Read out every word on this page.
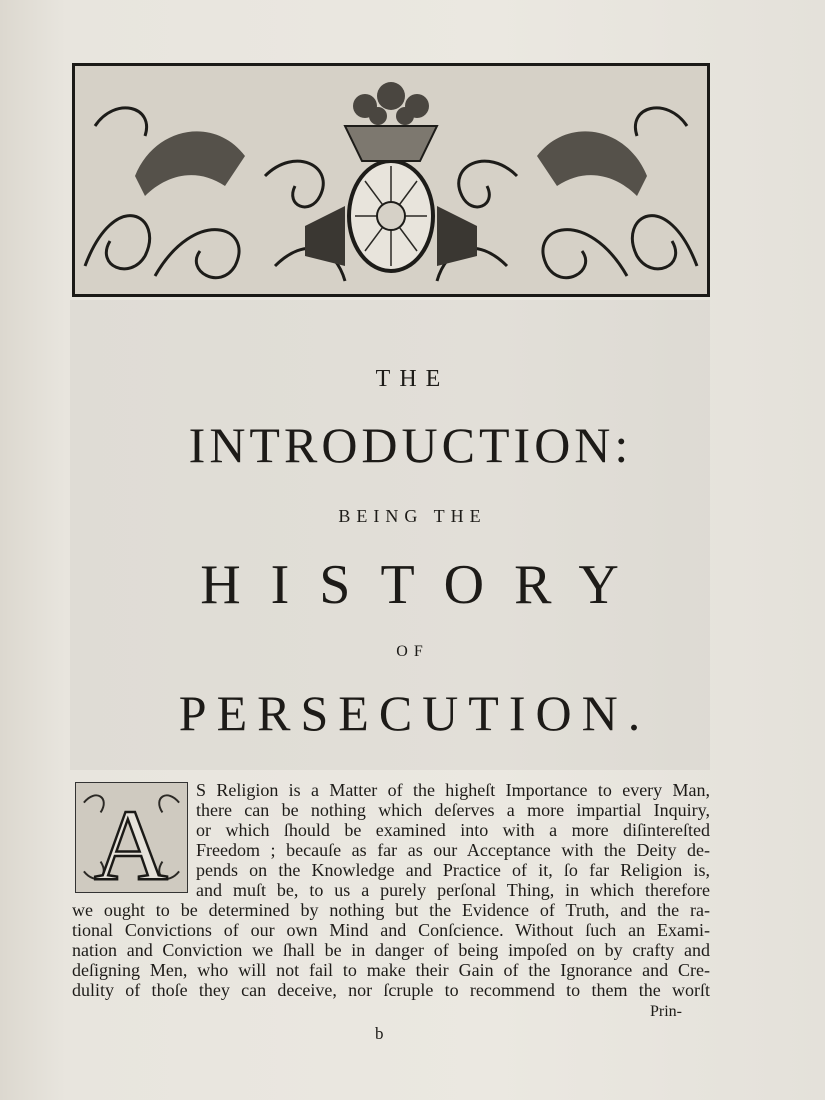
THE
INTRODUCTION:
BEING THE
HISTORY
OF
PERSECUTION.
A S Religion is a Matter of the higheſt Importance to every Man,
there can be nothing which deſerves a more impartial Inquiry,
or which ſhould be examined into with a more diſintereſted
Freedom ; becauſe as far as our Acceptance with the Deity de-
pends on the Knowledge and Practice of it, ſo far Religion is,
and muſt be, to us a purely perſonal Thing, in which therefore
we ought to be determined by nothing but the Evidence of Truth, and the ra-
tional Convictions of our own Mind and Conſcience. Without ſuch an Exami-
nation and Conviction we ſhall be in danger of being impoſed on by crafty and
deſigning Men, who will not fail to make their Gain of the Ignorance and Cre-
dulity of thoſe they can deceive, nor ſcruple to recommend to them the worſt
Prin-
b
